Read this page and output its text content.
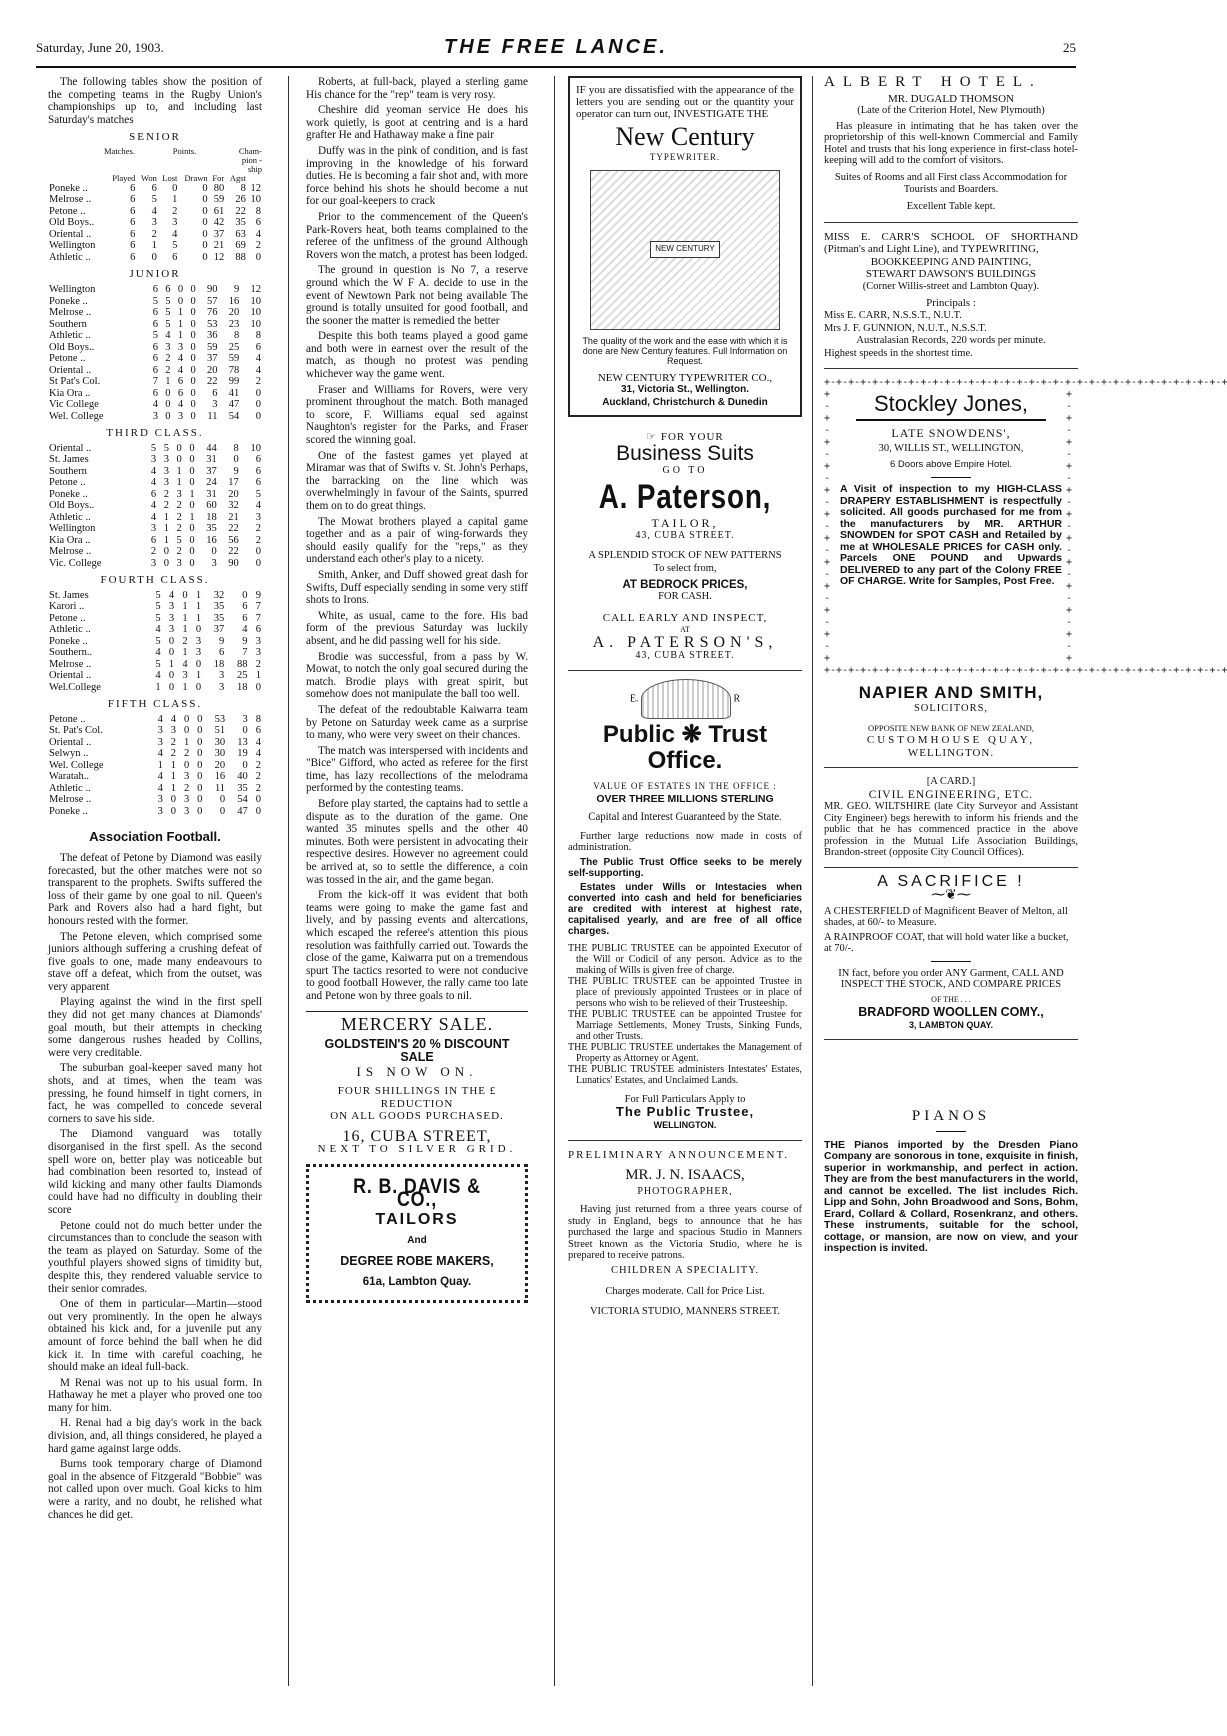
Saturday, June 20, 1903.	THE FREE LANCE.	25

The following tables show the position of the competing teams in the Rugby Union's championships up to, and including last Saturday's matches

SENIOR
Matches.	Points.	Cham- pion -ship
	Played	Won	Lost	Drawn	For	Agst	
Poneke ..	6	6	0	0	80	8	12
Melrose ..	6	5	1	0	59	26	10
Petone ..	6	4	2	0	61	22	8
Old Boys..	6	3	3	0	42	35	6
Oriental ..	6	2	4	0	37	63	4
Wellington	6	1	5	0	21	69	2
Athletic ..	6	0	6	0	12	88	0
JUNIOR
Wellington	6	6	0	0	90	9	12
Poneke ..	5	5	0	0	57	16	10
Melrose ..	6	5	1	0	76	20	10
Southern	6	5	1	0	53	23	10
Athletic ..	5	4	1	0	36	8	8
Old Boys..	6	3	3	0	59	25	6
Petone ..	6	2	4	0	37	59	4
Oriental ..	6	2	4	0	20	78	4
St Pat's Col.	7	1	6	0	22	99	2
Kia Ora ..	6	0	6	0	6	41	0
Vic College	4	0	4	0	3	47	0
Wel. College	3	0	3	0	11	54	0
THIRD CLASS.
Oriental ..	5	5	0	0	44	8	10
St. James	3	3	0	0	31	0	6
Southern	4	3	1	0	37	9	6
Petone ..	4	3	1	0	24	17	6
Poneke ..	6	2	3	1	31	20	5
Old Boys..	4	2	2	0	60	32	4
Athletic ..	4	1	2	1	18	21	3
Wellington	3	1	2	0	35	22	2
Kia Ora ..	6	1	5	0	16	56	2
Melrose ..	2	0	2	0	0	22	0
Vic. College	3	0	3	0	3	90	0
FOURTH CLASS.
St. James	5	4	0	1	32	0	9
Karori ..	5	3	1	1	35	6	7
Petone ..	5	3	1	1	35	6	7
Athletic ..	4	3	1	0	37	4	6
Poneke ..	5	0	2	3	9	9	3
Southern..	4	0	1	3	6	7	3
Melrose ..	5	1	4	0	18	88	2
Oriental ..	4	0	3	1	3	25	1
Wel.College	1	0	1	0	3	18	0
FIFTH CLASS.
Petone ..	4	4	0	0	53	3	8
St. Pat's Col.	3	3	0	0	51	0	6
Oriental ..	3	2	1	0	30	13	4
Selwyn ..	4	2	2	0	30	19	4
Wel. College	1	1	0	0	20	0	2
Waratah..	4	1	3	0	16	40	2
Athletic ..	4	1	2	0	11	35	2
Melrose ..	3	0	3	0	0	54	0
Poneke ..	3	0	3	0	0	47	0
Association Football.

The defeat of Petone by Diamond was easily forecasted, but the other matches were not so transparent to the prophets. Swifts suffered the loss of their game by one goal to nil. Queen's Park and Rovers also had a hard fight, but honours rested with the former.

The Petone eleven, which comprised some juniors although suffering a crushing defeat of five goals to one, made many endeavours to stave off a defeat, which from the outset, was very apparent

Playing against the wind in the first spell they did not get many chances at Diamonds' goal mouth, but their attempts in checking some dangerous rushes headed by Collins, were very creditable.

The suburban goal-keeper saved many hot shots, and at times, when the team was pressing, he found himself in tight corners, in fact, he was compelled to concede several corners to save his side.

The Diamond vanguard was totally disorganised in the first spell. As the second spell wore on, better play was noticeable but had combination been resorted to, instead of wild kicking and many other faults Diamonds could have had no difficulty in doubling their score

Petone could not do much better under the circumstances than to conclude the season with the team as played on Saturday. Some of the youthful players showed signs of timidity but, despite this, they rendered valuable service to their senior comrades.

One of them in particular—Martin—stood out very prominently. In the open he always obtained his kick and, for a juvenile put any amount of force behind the ball when he did kick it. In time with careful coaching, he should make an ideal full-back.

M Renai was not up to his usual form. In Hathaway he met a player who proved one too many for him.

H. Renai had a big day's work in the back division, and, all things considered, he played a hard game against large odds.

Burns took temporary charge of Diamond goal in the absence of Fitzgerald "Bobbie" was not called upon over much. Goal kicks to him were a rarity, and no doubt, he relished what chances he did get.

Roberts, at full-back, played a sterling game His chance for the "rep" team is very rosy.

Cheshire did yeoman service He does his work quietly, is goot at centring and is a hard grafter He and Hathaway make a fine pair

Duffy was in the pink of condition, and is fast improving in the knowledge of his forward duties. He is becoming a fair shot and, with more force behind his shots he should become a nut for our goal-keepers to crack

Prior to the commencement of the Queen's Park-Rovers heat, both teams complained to the referee of the unfitness of the ground Although Rovers won the match, a protest has been lodged.

The ground in question is No 7, a reserve ground which the W F A. decide to use in the event of Newtown Park not being available The ground is totally unsuited for good football, and the sooner the matter is remedied the better

Despite this both teams played a good game and both were in earnest over the result of the match, as though no protest was pending whichever way the game went.

Fraser and Williams for Rovers, were very prominent throughout the match. Both managed to score, F. Williams equal sed against Naughton's register for the Parks, and Fraser scored the winning goal.

One of the fastest games yet played at Miramar was that of Swifts v. St. John's Perhaps, the barracking on the line which was overwhelmingly in favour of the Saints, spurred them on to do great things.

The Mowat brothers played a capital game together and as a pair of wing-forwards they should easily qualify for the "reps," as they understand each other's play to a nicety.

Smith, Anker, and Duff showed great dash for Swifts, Duff especially sending in some very stiff shots to Irons.

White, as usual, came to the fore. His bad form of the previous Saturday was luckily absent, and he did passing well for his side.

Brodie was successful, from a pass by W. Mowat, to notch the only goal secured during the match. Brodie plays with great spirit, but somehow does not manipulate the ball too well.

The defeat of the redoubtable Kaiwarra team by Petone on Saturday week came as a surprise to many, who were very sweet on their chances.

The match was interspersed with incidents and "Bice" Gifford, who acted as referee for the first time, has lazy recollections of the melodrama performed by the contesting teams.

Before play started, the captains had to settle a dispute as to the duration of the game. One wanted 35 minutes spells and the other 40 minutes. Both were persistent in advocating their respective desires. However no agreement could be arrived at, so to settle the difference, a coin was tossed in the air, and the game began.

From the kick-off it was evident that both teams were going to make the game fast and lively, and by passing events and altercations, which escaped the referee's attention this pious resolution was faithfully carried out. Towards the close of the game, Kaiwarra put on a tremendous spurt The tactics resorted to were not conducive to good football However, the rally came too late and Petone won by three goals to nil.

MERCERY SALE.
GOLDSTEIN'S 20 % DISCOUNT
SALE
IS NOW ON.
FOUR SHILLINGS IN THE £ REDUCTION
ON ALL GOODS PURCHASED.
16, CUBA STREET,
NEXT TO SILVER GRID.
R. B. DAVIS & CO.,
TAILORS
And
DEGREE ROBE MAKERS,
61a, Lambton Quay.

IF you are dissatisfied with the appearance of the letters you are sending out or the quantity your operator can turn out, INVESTIGATE THE

New Century
TYPEWRITER.
NEW CENTURY
The quality of the work and the ease with which it is done are New Century features. Full Information on Request.
NEW CENTURY TYPEWRITER CO.,
31, Victoria St., Wellington.
Auckland, Christchurch & Dunedin
☞ FOR YOUR
Business Suits
GO TO
A. Paterson,
TAILOR,
43, CUBA STREET.
A SPLENDID STOCK OF NEW PATTERNS
To select from,
AT BEDROCK PRICES,
FOR CASH.
CALL EARLY AND INSPECT,
AT
A. PATERSON'S,
43, CUBA STREET.
E.	R
Public ❋ Trust
Office.
VALUE OF ESTATES IN THE OFFICE :
OVER THREE MILLIONS STERLING
Capital and Interest Guaranteed by the State.

Further large reductions now made in costs of administration.

The Public Trust Office seeks to be merely self-supporting.

Estates under Wills or Intestacies when converted into cash and held for beneficiaries are credited with interest at highest rate, capitalised yearly, and are free of all office charges.

THE PUBLIC TRUSTEE can be appointed Executor of the Will or Codicil of any person. Advice as to the making of Wills is given free of charge.

THE PUBLIC TRUSTEE can be appointed Trustee in place of previously appointed Trustees or in place of persons who wish to be relieved of their Trusteeship.

THE PUBLIC TRUSTEE can be appointed Trustee for Marriage Settlements, Money Trusts, Sinking Funds, and other Trusts.

THE PUBLIC TRUSTEE undertakes the Management of Property as Attorney or Agent.

THE PUBLIC TRUSTEE administers Intestates' Estates, Lunatics' Estates, and Unclaimed Lands.

For Full Particulars Apply to
The Public Trustee,
WELLINGTON.
PRELIMINARY ANNOUNCEMENT.
MR. J. N. ISAACS,
PHOTOGRAPHER,

Having just returned from a three years course of study in England, begs to announce that he has purchased the large and spacious Studio in Manners Street known as the Victoria Studio, where he is prepared to receive patrons.

CHILDREN A SPECIALITY.
Charges moderate. Call for Price List.
VICTORIA STUDIO, MANNERS STREET.
ALBERT HOTEL.
MR. DUGALD THOMSON
(Late of the Criterion Hotel, New Plymouth)

Has pleasure in intimating that he has taken over the proprietorship of this well-known Commercial and Family Hotel and trusts that his long experience in first-class hotel-keeping will add to the comfort of visitors.

Suites of Rooms and all First class Accommodation for Tourists and Boarders.
Excellent Table kept.

MISS E. CARR'S SCHOOL OF SHORTHAND (Pitman's and Light Line), and TYPEWRITING,

BOOKKEEPING AND PAINTING,
STEWART DAWSON'S BUILDINGS
(Corner Willis-street and Lambton Quay).
Principals :
Miss E. CARR, N.S.S.T., N.U.T.
Mrs J. F. GUNNION, N.U.T., N.S.S.T.
Australasian Records, 220 words per minute.
Highest speeds in the shortest time.
+-+-+-+-+-+-+-+-+-+-+-+-+-+-+-+-+-+-+-+-+-+-+-+-+-+-+-+-+-+-+-+-+-+
+
-
+
-
+
-
+
-
+
-
+
-
+
-
+
-
+
-
+
-
+
-
+
Stockley Jones,
LATE SNOWDENS',
30, WILLIS ST., WELLINGTON,
6 Doors above Empire Hotel.

A Visit of inspection to my HIGH-CLASS DRAPERY ESTABLISHMENT is respectfully solicited. All goods purchased for me from the manufacturers by MR. ARTHUR SNOWDEN for SPOT CASH and Retailed by me at WHOLESALE PRICES for CASH only. Parcels ONE POUND and Upwards DELIVERED to any part of the Colony FREE OF CHARGE. Write for Samples, Post Free.

+
-
+
-
+
-
+
-
+
-
+
-
+
-
+
-
+
-
+
-
+
-
+
+-+-+-+-+-+-+-+-+-+-+-+-+-+-+-+-+-+-+-+-+-+-+-+-+-+-+-+-+-+-+-+-+-+
NAPIER AND SMITH,
SOLICITORS,
OPPOSITE NEW BANK OF NEW ZEALAND,
CUSTOMHOUSE QUAY,
WELLINGTON.
[A CARD.]
CIVIL ENGINEERING, ETC.

MR. GEO. WILTSHIRE (late City Surveyor and Assistant City Engineer) begs herewith to inform his friends and the public that he has commenced practice in the above profession in the Mutual Life Association Buildings, Brandon-street (opposite City Council Offices).

A SACRIFICE !
⁓❦⁓

A CHESTERFIELD of Magnificent Beaver of Melton, all shades, at 60/- to Measure.

A RAINPROOF COAT, that will hold water like a bucket, at 70/-.

IN fact, before you order ANY Garment, CALL AND INSPECT THE STOCK, AND COMPARE PRICES

OF THE . . .
BRADFORD WOOLLEN COMY.,
3, LAMBTON QUAY.
PIANOS

THE Pianos imported by the Dresden Piano Company are sonorous in tone, exquisite in finish, superior in workmanship, and perfect in action. They are from the best manufacturers in the world, and cannot be excelled. The list includes Rich. Lipp and Sohn, John Broadwood and Sons, Bohm, Erard, Collard & Collard, Rosenkranz, and others. These instruments, suitable for the school, cottage, or mansion, are now on view, and your inspection is invited.
